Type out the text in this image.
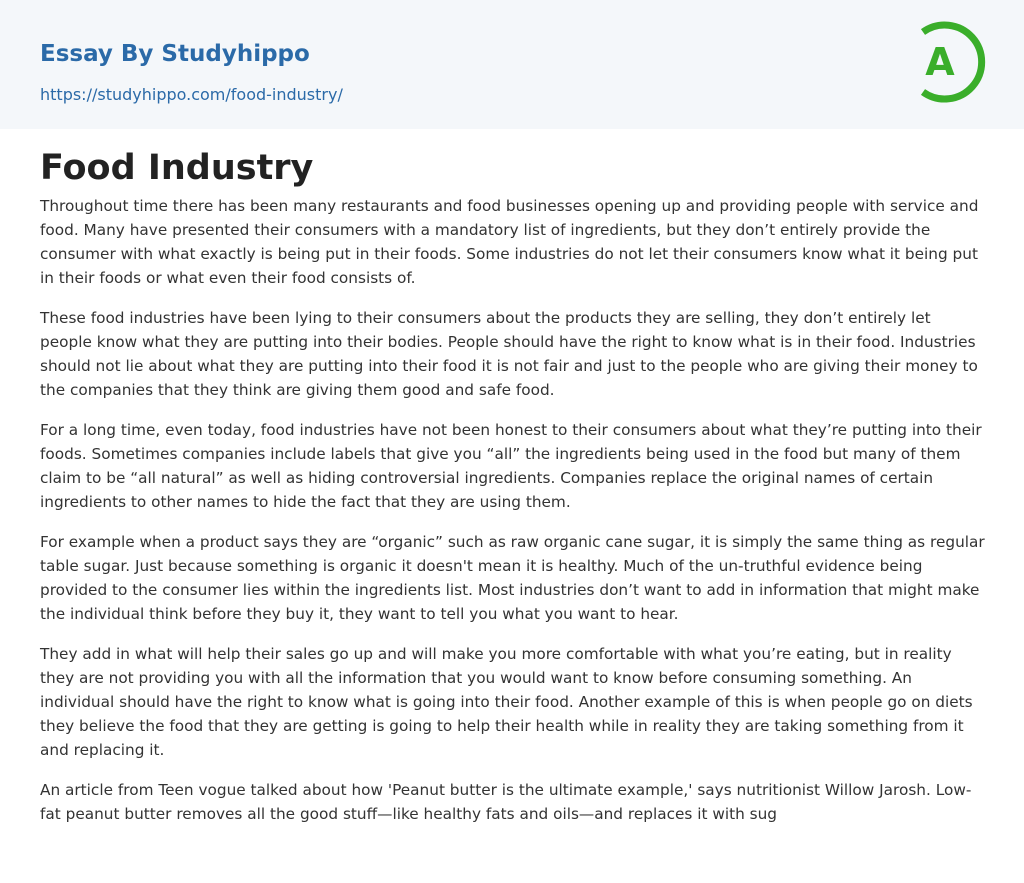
Essay By Studyhippo
https://studyhippo.com/food-industry/
A
Food Industry

Throughout time there has been many restaurants and food businesses opening up and providing people with service and food. Many have presented their consumers with a mandatory list of ingredients, but they don’t entirely provide the consumer with what exactly is being put in their foods. Some industries do not let their consumers know what it being put in their foods or what even their food consists of.

These food industries have been lying to their consumers about the products they are selling, they don’t entirely let people know what they are putting into their bodies. People should have the right to know what is in their food. Industries should not lie about what they are putting into their food it is not fair and just to the people who are giving their money to the companies that they think are giving them good and safe food.

For a long time, even today, food industries have not been honest to their consumers about what they’re putting into their foods. Sometimes companies include labels that give you “all” the ingredients being used in the food but many of them claim to be “all natural” as well as hiding controversial ingredients. Companies replace the original names of certain ingredients to other names to hide the fact that they are using them.

For example when a product says they are “organic” such as raw organic cane sugar, it is simply the same thing as regular table sugar. Just because something is organic it doesn't mean it is healthy. Much of the un-truthful evidence being provided to the consumer lies within the ingredients list. Most industries don’t want to add in information that might make the individual think before they buy it, they want to tell you what you want to hear.

They add in what will help their sales go up and will make you more comfortable with what you’re eating, but in reality they are not providing you with all the information that you would want to know before consuming something. An individual should have the right to know what is going into their food. Another example of this is when people go on diets they believe the food that they are getting is going to help their health while in reality they are taking something from it and replacing it.

An article from Teen vogue talked about how 'Peanut butter is the ultimate example,' says nutritionist Willow Jarosh. Low-fat peanut butter removes all the good stuff—like healthy fats and oils—and replaces it with sug
